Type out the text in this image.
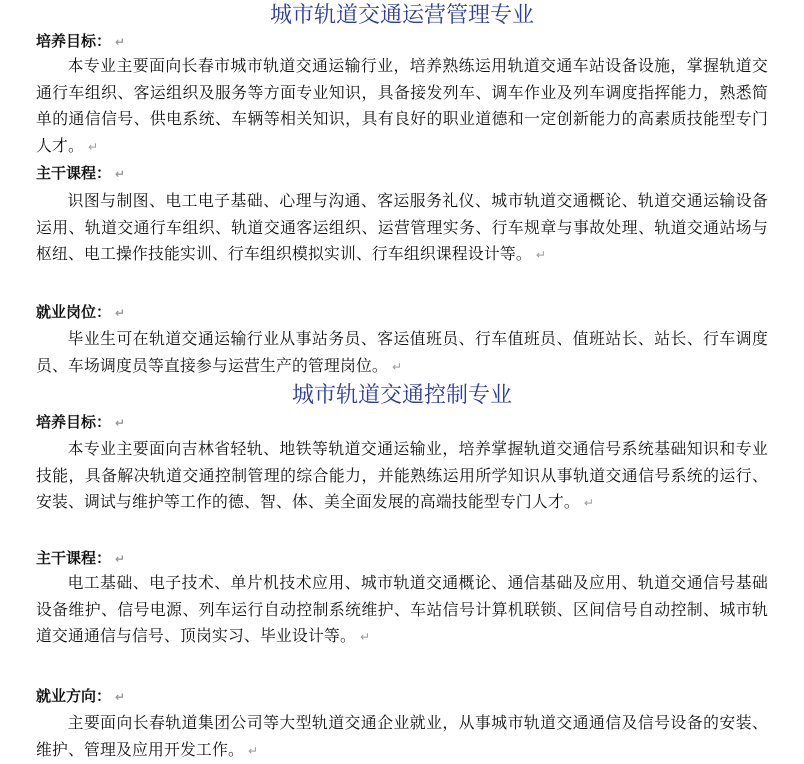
城市轨道交通运营管理专业
培养目标： ↵
本专业主要面向长春市城市轨道交通运输行业，培养熟练运用轨道交通车站设备设施，掌握轨道交通行车组织、客运组织及服务等方面专业知识，具备接发列车、调车作业及列车调度指挥能力，熟悉简单的通信信号、供电系统、车辆等相关知识，具有良好的职业道德和一定创新能力的高素质技能型专门人才。 ↵
主干课程： ↵
识图与制图、电工电子基础、心理与沟通、客运服务礼仪、城市轨道交通概论、轨道交通运输设备运用、轨道交通行车组织、轨道交通客运组织、运营管理实务、行车规章与事故处理、轨道交通站场与枢纽、电工操作技能实训、行车组织模拟实训、行车组织课程设计等。 ↵
就业岗位： ↵
毕业生可在轨道交通运输行业从事站务员、客运值班员、行车值班员、值班站长、站长、行车调度员、车场调度员等直接参与运营生产的管理岗位。 ↵
城市轨道交通控制专业
培养目标： ↵
本专业主要面向吉林省轻轨、地铁等轨道交通运输业，培养掌握轨道交通信号系统基础知识和专业技能，具备解决轨道交通控制管理的综合能力，并能熟练运用所学知识从事轨道交通信号系统的运行、安装、调试与维护等工作的德、智、体、美全面发展的高端技能型专门人才。 ↵
主干课程： ↵
电工基础、电子技术、单片机技术应用、城市轨道交通概论、通信基础及应用、轨道交通信号基础设备维护、信号电源、列车运行自动控制系统维护、车站信号计算机联锁、区间信号自动控制、城市轨道交通通信与信号、顶岗实习、毕业设计等。 ↵
就业方向： ↵
主要面向长春轨道集团公司等大型轨道交通企业就业，从事城市轨道交通通信及信号设备的安装、维护、管理及应用开发工作。 ↵
